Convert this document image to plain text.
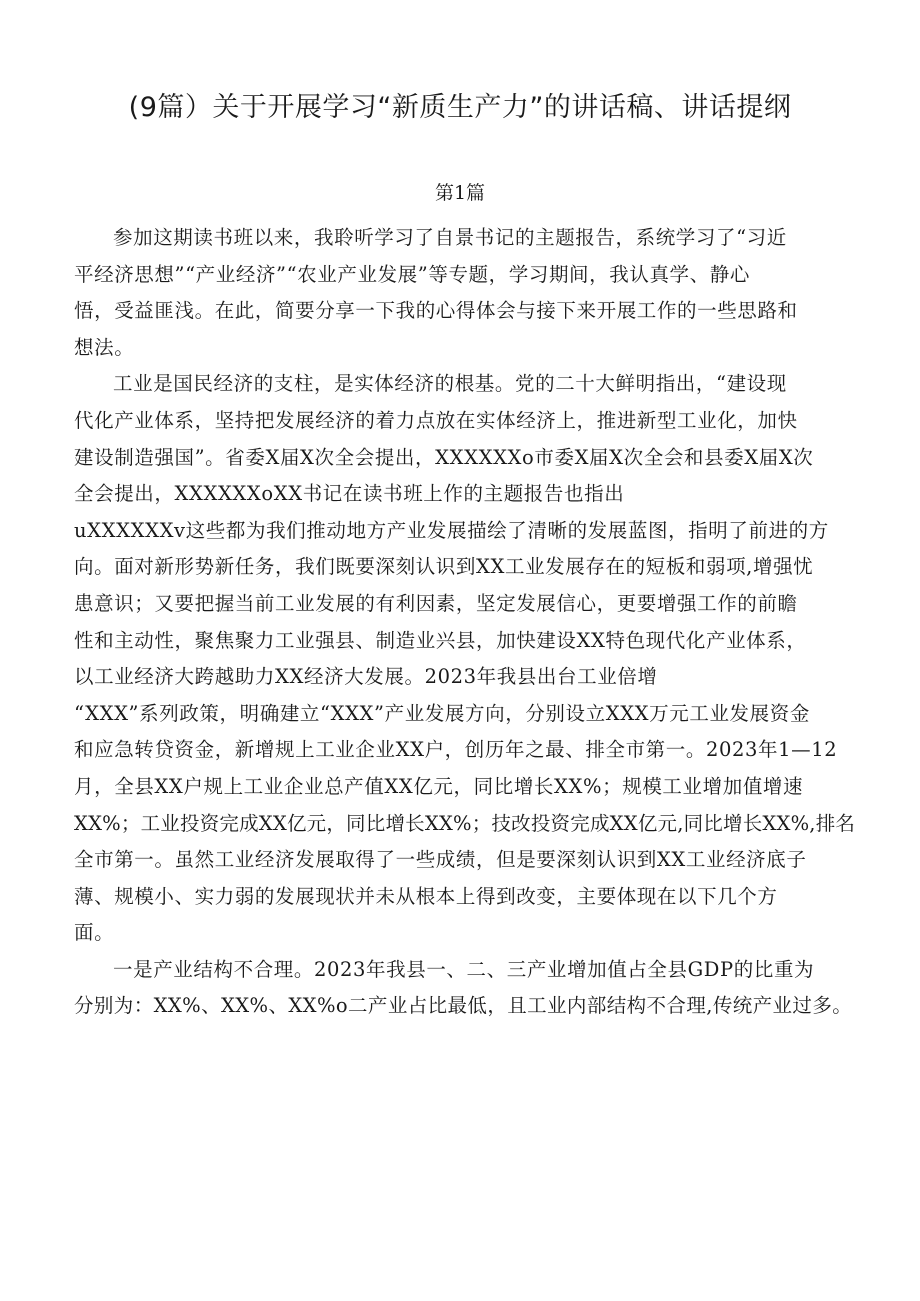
(9篇）关于开展学习“新质生产力”的讲话稿、讲话提纲
第1篇
参加这期读书班以来，我聆听学习了自景书记的主题报告，系统学习了“习近
平经济思想”“产业经济”“农业产业发展”等专题，学习期间，我认真学、静心
悟，受益匪浅。在此，简要分享一下我的心得体会与接下来开展工作的一些思路和
想法。
工业是国民经济的支柱，是实体经济的根基。党的二十大鲜明指出，“建设现
代化产业体系，坚持把发展经济的着力点放在实体经济上，推进新型工业化，加快
建设制造强国”。省委X届X次全会提出，XXXXXXo市委X届X次全会和县委X届X次
全会提出，XXXXXXoXX书记在读书班上作的主题报告也指出
uXXXXXXv这些都为我们推动地方产业发展描绘了清晰的发展蓝图，指明了前进的方
向。面对新形势新任务，我们既要深刻认识到XX工业发展存在的短板和弱项,增强忧
患意识；又要把握当前工业发展的有利因素，坚定发展信心，更要增强工作的前瞻
性和主动性，聚焦聚力工业强县、制造业兴县，加快建设XX特色现代化产业体系，
以工业经济大跨越助力XX经济大发展。2023年我县出台工业倍增
“XXX”系列政策，明确建立“XXX”产业发展方向，分别设立XXX万元工业发展资金
和应急转贷资金，新增规上工业企业XX户，创历年之最、排全市第一。2023年1—12
月，全县XX户规上工业企业总产值XX亿元，同比增长XX%；规模工业增加值增速
XX%；工业投资完成XX亿元，同比增长XX%；技改投资完成XX亿元,同比增长XX%,排名
全市第一。虽然工业经济发展取得了一些成绩，但是要深刻认识到XX工业经济底子
薄、规模小、实力弱的发展现状并未从根本上得到改变，主要体现在以下几个方
面。
一是产业结构不合理。2023年我县一、二、三产业增加值占全县GDP的比重为
分别为：XX%、XX%、XX%o二产业占比最低，且工业内部结构不合理,传统产业过多。
